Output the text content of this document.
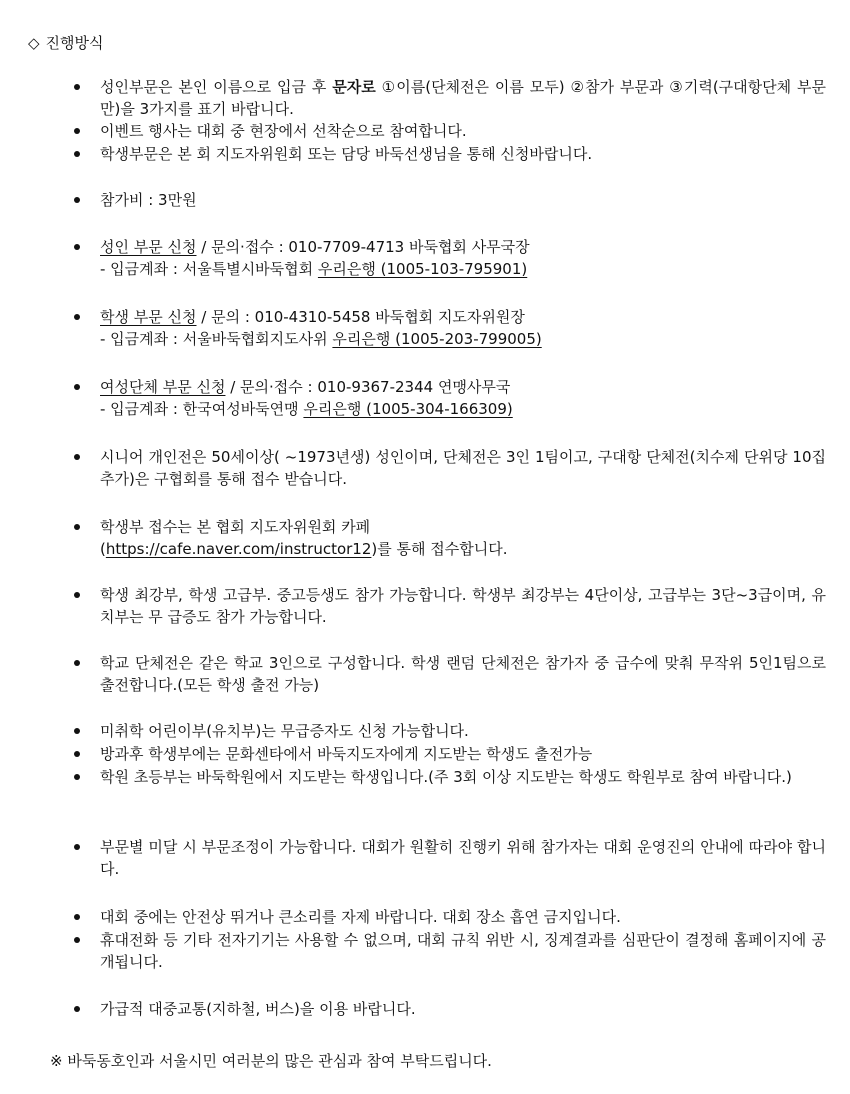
◇ 진행방식
성인부문은 본인 이름으로 입금 후 문자로 ①이름(단체전은 이름 모두) ②참가 부문과 ③기력(구대항단체 부문 만)을 3가지를 표기 바랍니다.
이벤트 행사는 대회 중 현장에서 선착순으로 참여합니다.
학생부문은 본 회 지도자위원회 또는 담당 바둑선생님을 통해 신청바랍니다.
참가비 : 3만원
성인 부문 신청 / 문의·접수 : 010-7709-4713 바둑협회 사무국장
- 입금계좌 : 서울특별시바둑협회 우리은행 (1005-103-795901)
학생 부문 신청 / 문의 : 010-4310-5458 바둑협회 지도자위원장
- 입금계좌 : 서울바둑협회지도사위 우리은행 (1005-203-799005)
여성단체 부문 신청 / 문의·접수 : 010-9367-2344 연맹사무국
- 입금계좌 : 한국여성바둑연맹 우리은행 (1005-304-166309)
시니어 개인전은 50세이상( ~1973년생) 성인이며, 단체전은 3인 1팀이고, 구대항 단체전(치수제 단위당 10집추가)은 구협회를 통해 접수 받습니다.
학생부 접수는 본 협회 지도자위원회 카페
(https://cafe.naver.com/instructor12)를 통해 접수합니다.
학생 최강부, 학생 고급부. 중고등생도 참가 가능합니다. 학생부 최강부는 4단이상, 고급부는 3단~3급이며, 유치부는 무 급증도 참가 가능합니다.
학교 단체전은 같은 학교 3인으로 구성합니다. 학생 랜덤 단체전은 참가자 중 급수에 맞춰 무작위 5인1팀으로 출전합니다.(모든 학생 출전 가능)
미취학 어린이부(유치부)는 무급증자도 신청 가능합니다.
방과후 학생부에는 문화센타에서 바둑지도자에게 지도받는 학생도 출전가능
학원 초등부는 바둑학원에서 지도받는 학생입니다.(주 3회 이상 지도받는 학생도 학원부로 참여 바랍니다.)
부문별 미달 시 부문조정이 가능합니다. 대회가 원활히 진행키 위해 참가자는 대회 운영진의 안내에 따라야 합니다.
대회 중에는 안전상 뛰거나 큰소리를 자제 바랍니다. 대회 장소 흡연 금지입니다.
휴대전화 등 기타 전자기기는 사용할 수 없으며, 대회 규칙 위반 시, 징계결과를 심판단이 결정해 홈페이지에 공개됩니다.
가급적 대중교통(지하철, 버스)을 이용 바랍니다.
※ 바둑동호인과 서울시민 여러분의 많은 관심과 참여 부탁드립니다.
